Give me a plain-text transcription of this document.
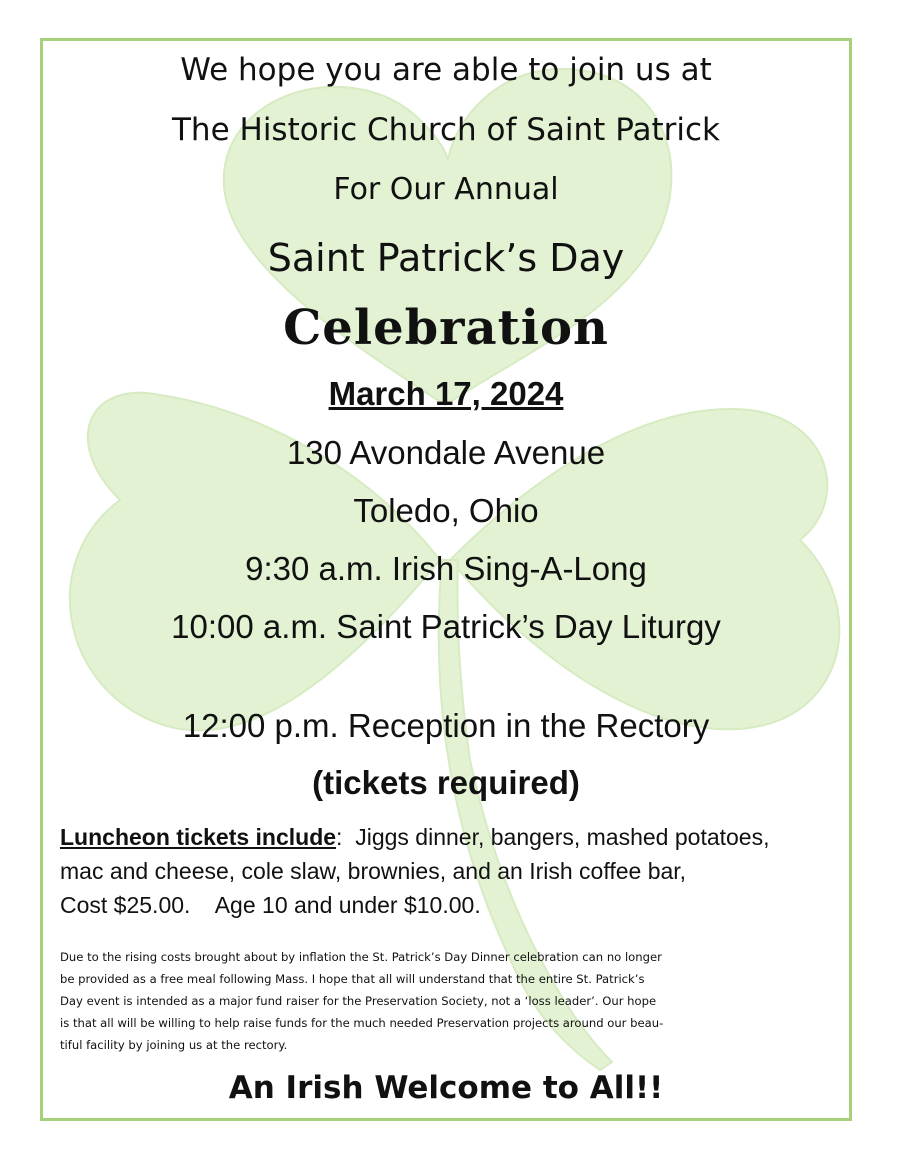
We hope you are able to join us at
The Historic Church of Saint Patrick
For Our Annual
Saint Patrick’s Day
Celebration
March 17, 2024
130 Avondale Avenue
Toledo, Ohio
9:30 a.m. Irish Sing-A-Long
10:00 a.m. Saint Patrick’s Day Liturgy
12:00 p.m. Reception in the Rectory
(tickets required)
Luncheon tickets include:  Jiggs dinner, bangers, mashed potatoes,
mac and cheese, cole slaw, brownies, and an Irish coffee bar,
Cost $25.00.    Age 10 and under $10.00.
Due to the rising costs brought about by inflation the St. Patrick’s Day Dinner celebration can no longer
be provided as a free meal following Mass. I hope that all will understand that the entire St. Patrick’s
Day event is intended as a major fund raiser for the Preservation Society, not a ‘loss leader’. Our hope
is that all will be willing to help raise funds for the much needed Preservation projects around our beau-
tiful facility by joining us at the rectory.
An Irish Welcome to All!!
